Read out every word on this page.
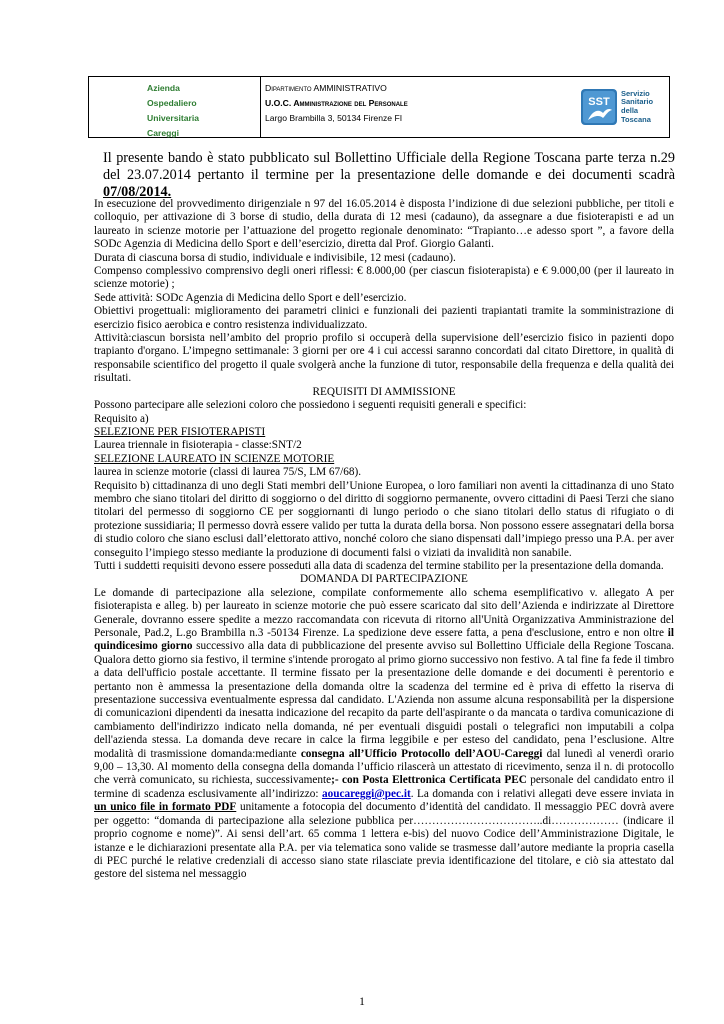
Azienda
Ospedaliero
Universitaria
Careggi
Dipartimento AMMINISTRATIVO
U.O.C. Amministrazione del Personale
Largo Brambilla 3, 50134 Firenze FI
SST
Servizio
Sanitario
della
Toscana
Il presente bando è stato pubblicato sul Bollettino Ufficiale della Regione Toscana parte terza n.29 del 23.07.2014 pertanto il termine per la presentazione delle domande e dei documenti scadrà 07/08/2014.

In esecuzione del provvedimento dirigenziale n 97 del 16.05.2014 è disposta l’indizione di due selezioni pubbliche, per titoli e colloquio, per attivazione di 3 borse di studio, della durata di 12 mesi (cadauno), da assegnare a due fisioterapisti e ad un laureato in scienze motorie per l’attuazione del progetto regionale denominato: “Trapianto…e adesso sport ”, a favore della SODc Agenzia di Medicina dello Sport e dell’esercizio, diretta dal Prof. Giorgio Galanti.

Durata di ciascuna borsa di studio, individuale e indivisibile, 12 mesi (cadauno).

Compenso complessivo comprensivo degli oneri riflessi: € 8.000,00 (per ciascun fisioterapista) e € 9.000,00 (per il laureato in scienze motorie) ;

Sede attività: SODc Agenzia di Medicina dello Sport e dell’esercizio.

Obiettivi progettuali: miglioramento dei parametri clinici e funzionali dei pazienti trapiantati tramite la somministrazione di esercizio fisico aerobica e contro resistenza individualizzato.

Attività:ciascun borsista nell’ambito del proprio profilo si occuperà della supervisione dell’esercizio fisico in pazienti dopo trapianto d'organo. L’impegno settimanale: 3 giorni per ore 4 i cui accessi saranno concordati dal citato Direttore, in qualità di responsabile scientifico del progetto il quale svolgerà anche la funzione di tutor, responsabile della frequenza e della qualità dei risultati.

REQUISITI DI AMMISSIONE

Possono partecipare alle selezioni coloro che possiedono i seguenti requisiti generali e specifici:

Requisito a)

SELEZIONE PER FISIOTERAPISTI

Laurea triennale in fisioterapia - classe:SNT/2

SELEZIONE LAUREATO IN SCIENZE MOTORIE

laurea in scienze motorie (classi di laurea 75/S, LM 67/68).

Requisito b) cittadinanza di uno degli Stati membri dell’Unione Europea, o loro familiari non aventi la cittadinanza di uno Stato membro che siano titolari del diritto di soggiorno o del diritto di soggiorno permanente, ovvero cittadini di Paesi Terzi che siano titolari del permesso di soggiorno CE per soggiornanti di lungo periodo o che siano titolari dello status di rifugiato o di protezione sussidiaria; Il permesso dovrà essere valido per tutta la durata della borsa. Non possono essere assegnatari della borsa di studio coloro che siano esclusi dall’elettorato attivo, nonché coloro che siano dispensati dall’impiego presso una P.A. per aver conseguito l’impiego stesso mediante la produzione di documenti falsi o viziati da invalidità non sanabile.

Tutti i suddetti requisiti devono essere posseduti alla data di scadenza del termine stabilito per la presentazione della domanda.

DOMANDA DI PARTECIPAZIONE

Le domande di partecipazione alla selezione, compilate conformemente allo schema esemplificativo v. allegato A per fisioterapista e alleg. b) per laureato in scienze motorie che può essere scaricato dal sito dell’Azienda e indirizzate al Direttore Generale, dovranno essere spedite a mezzo raccomandata con ricevuta di ritorno all'Unità Organizzativa Amministrazione del Personale, Pad.2, L.go Brambilla n.3 -50134 Firenze. La spedizione deve essere fatta, a pena d'esclusione, entro e non oltre il quindicesimo giorno successivo alla data di pubblicazione del presente avviso sul Bollettino Ufficiale della Regione Toscana. Qualora detto giorno sia festivo, il termine s'intende prorogato al primo giorno successivo non festivo. A tal fine fa fede il timbro a data dell'ufficio postale accettante. Il termine fissato per la presentazione delle domande e dei documenti è perentorio e pertanto non è ammessa la presentazione della domanda oltre la scadenza del termine ed è priva di effetto la riserva di presentazione successiva eventualmente espressa dal candidato. L'Azienda non assume alcuna responsabilità per la dispersione di comunicazioni dipendenti da inesatta indicazione del recapito da parte dell'aspirante o da mancata o tardiva comunicazione di cambiamento dell'indirizzo indicato nella domanda, né per eventuali disguidi postali o telegrafici non imputabili a colpa dell'azienda stessa. La domanda deve recare in calce la firma leggibile e per esteso del candidato, pena l’esclusione. Altre modalità di trasmissione domanda:mediante consegna all’Ufficio Protocollo dell’AOU-Careggi dal lunedì al venerdì orario 9,00 – 13,30. Al momento della consegna della domanda l’ufficio rilascerà un attestato di ricevimento, senza il n. di protocollo che verrà comunicato, su richiesta, successivamente;- con Posta Elettronica Certificata PEC personale del candidato entro il termine di scadenza esclusivamente all’indirizzo: aoucareggi@pec.it. La domanda con i relativi allegati deve essere inviata in un unico file in formato PDF unitamente a fotocopia del documento d’identità del candidato. Il messaggio PEC dovrà avere per oggetto: “domanda di partecipazione alla selezione pubblica per……………………………..di……………… (indicare il proprio cognome e nome)”. Ai sensi dell’art. 65 comma 1 lettera e-bis) del nuovo Codice dell’Amministrazione Digitale, le istanze e le dichiarazioni presentate alla P.A. per via telematica sono valide se trasmesse dall’autore mediante la propria casella di PEC purché le relative credenziali di accesso siano state rilasciate previa identificazione del titolare, e ciò sia attestato dal gestore del sistema nel messaggio

1
